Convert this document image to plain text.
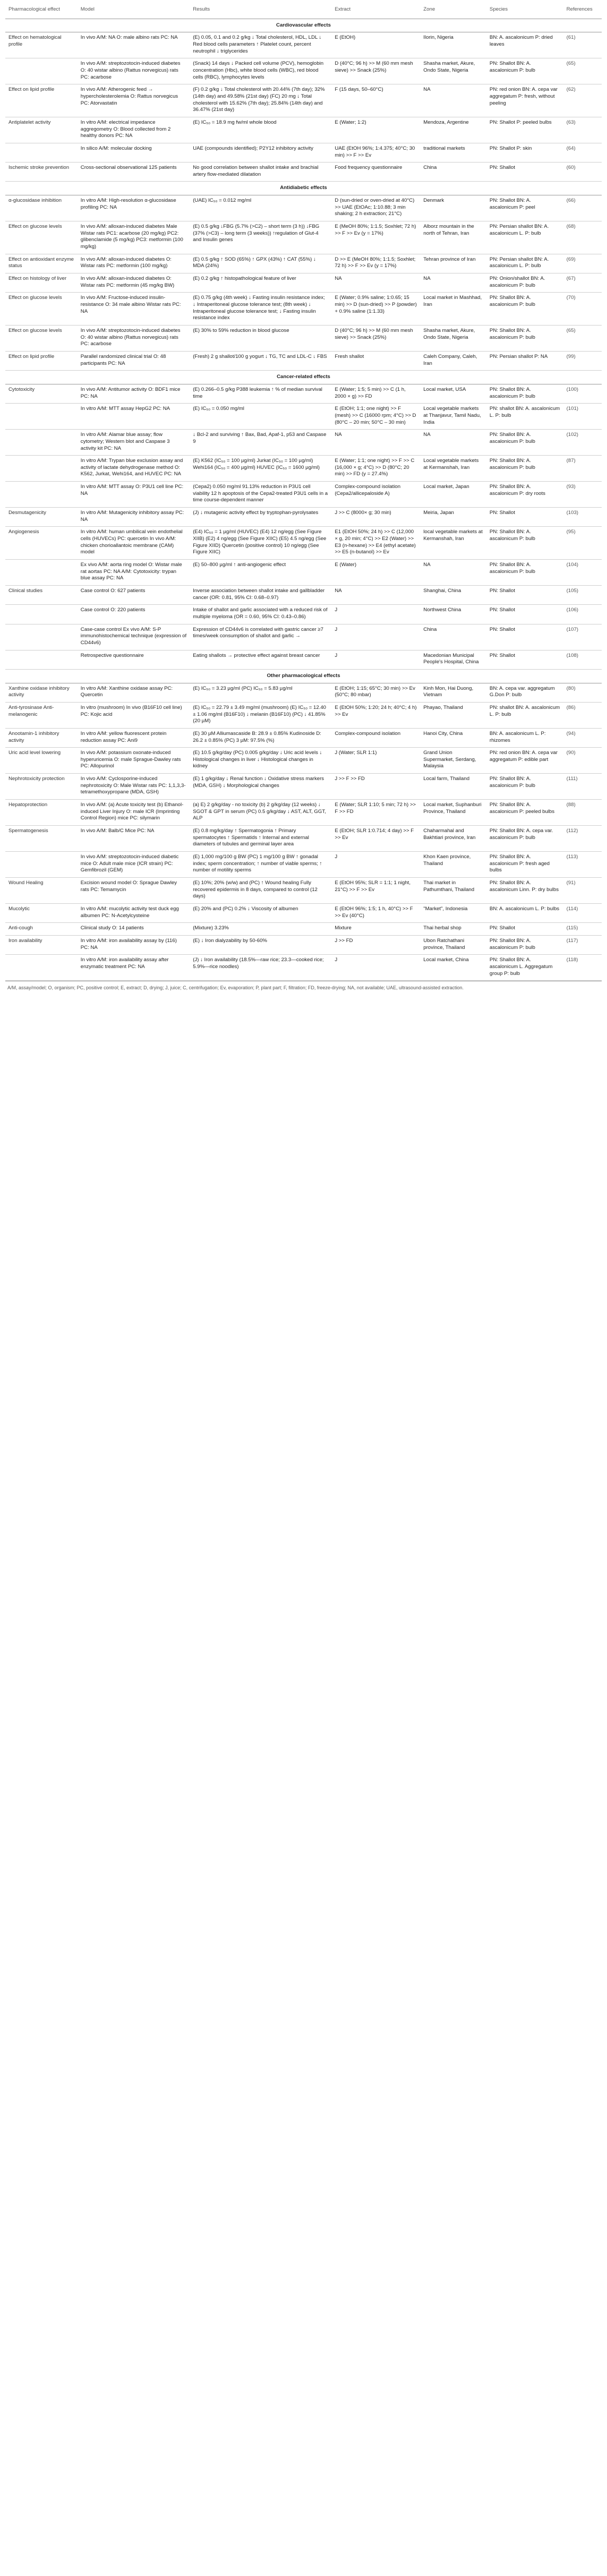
Pharmacological effect	Model	Results	Extract	Zone	Species	References
Cardiovascular effects						
Effect on hematological profile	In vivo A/M: NA O: male albino rats PC: NA	(E) 0.05, 0.1 and 0.2 g/kg ↓ Total cholesterol, HDL, LDL ↓ Red blood cells parameters ↑ Platelet count, percent neutrophil ↓ triglycerides	E (EtOH)	Ilorin, Nigeria	BN: A. ascalonicum P: dried leaves	(61)
	In vivo A/M: streptozotocin-induced diabetes O: 40 wistar albino (Rattus norvegicus) rats PC: acarbose	(Snack) 14 days ↓ Packed cell volume (PCV), hemoglobin concentration (Hbc), white blood cells (WBC), red blood cells (RBC), lymphocytes levels	D (40°C; 96 h) >> M (60 mm mesh sieve) >> Snack (25%)	Shasha market, Akure, Ondo State, Nigeria	PN: Shallot BN: A. ascalonicum P: bulb	(65)
Effect on lipid profile	In vivo A/M: Atherogenic feed → hypercholesterolemia O: Rattus norvegicus PC: Atorvastatin	(F) 0.2 g/kg ↓ Total cholesterol with 20.44% (7th day); 32% (14th day) and 49.58% (21st day) (FC) 20 mg ↓ Total cholesterol with 15.62% (7th day); 25.84% (14th day) and 36.47% (21st day)	F (15 days, 50–60°C)	NA	PN: red onion BN: A. cepa var aggregatum P: fresh, without peeling	(62)
Antiplatelet activity	In vitro A/M: electrical impedance aggregometry O: Blood collected from 2 healthy donors PC: NA	(E) IC₅₀ = 18.9 mg fw/ml whole blood	E (Water; 1:2)	Mendoza, Argentine	PN: Shallot P: peeled bulbs	(63)
	In silico A/M: molecular docking	UAE (compounds identified); P2Y12 inhibitory activity	UAE (EtOH 96%; 1:4.375; 40°C; 30 min) >> F >> Ev	traditional markets	PN: Shallot P: skin	(64)
Ischemic stroke prevention	Cross-sectional observational 125 patients	No good correlation between shallot intake and brachial artery flow-mediated dilatation	Food frequency questionnaire	China	PN: Shallot	(60)
Antidiabetic effects						
α-glucosidase inhibition	In vitro A/M: High-resolution α-glucosidase profiling PC: NA	(UAE) IC₅₀ = 0.012 mg/ml	D (sun-dried or oven-dried at 40°C) >> UAE (EtOAc; 1:10.88; 3 min shaking; 2 h extraction; 21°C)	Denmark	PN: Shallot BN: A. ascalonicum P: peel	(66)
Effect on glucose levels	In vivo A/M: alloxan-induced diabetes Male Wistar rats PC1: acarbose (20 mg/kg) PC2: glibenclamide (5 mg/kg) PC3: metformin (100 mg/kg)	(E) 0.5 g/kg ↓FBG (5.7% (>C2) – short term (3 h)) ↓FBG (37% (>C3) – long term (3 weeks)) ↑regulation of Glut-4 and Insulin genes	E (MeOH 80%; 1:1.5; Soxhlet; 72 h) >> F >> Ev (y = 17%)	Alborz mountain in the north of Tehran, Iran	PN: Persian shallot BN: A. ascalonicum L. P: bulb	(68)
Effect on antioxidant enzyme status	In vivo A/M: alloxan-induced diabetes O: Wistar rats PC: metformin (100 mg/kg)	(E) 0.5 g/kg ↑ SOD (65%) ↑ GPX (43%) ↑ CAT (55%) ↓ MDA (24%)	D >> E (MeOH 80%; 1:1.5; Soxhlet; 72 h) >> F >> Ev (y = 17%)	Tehran province of Iran	PN: Persian shallot BN: A. ascalonicum L. P: bulb	(69)
Effect on histology of liver	In vivo A/M: alloxan-induced diabetes O: Wistar rats PC: metformin (45 mg/kg BW)	(E) 0.2 g/kg ↑ histopathological feature of liver	NA	NA	PN: Onion/shallot BN: A. ascalonicum P: bulb	(67)
Effect on glucose levels	In vivo A/M: Fructose-induced insulin-resistance O: 34 male albino Wistar rats PC: NA	(E) 0.75 g/kg (4th week) ↓ Fasting insulin resistance index; ↓ Intraperitoneal glucose tolerance test; (8th week) ↓ Intraperitoneal glucose tolerance test; ↓ Fasting insulin resistance index	E (Water; 0.9% saline; 1:0.65; 15 min) >> D (sun-dried) >> P (powder) + 0.9% saline (1:1.33)	Local market in Mashhad, Iran	PN: Shallot BN: A. ascalonicum P: bulb	(70)
Effect on glucose levels	In vivo A/M: streptozotocin-induced diabetes O: 40 wistar albino (Rattus norvegicus) rats PC: acarbose	(E) 30% to 59% reduction in blood glucose	D (40°C; 96 h) >> M (60 mm mesh sieve) >> Snack (25%)	Shasha market, Akure, Ondo State, Nigeria	PN: Shallot BN: A. ascalonicum P: bulb	(65)
Effect on lipid profile	Parallel randomized clinical trial O: 48 participants PC: NA	(Fresh) 2 g shallot/100 g yogurt ↓ TG, TC and LDL-C ↓ FBS	Fresh shallot	Caleh Company, Caleh, Iran	PN: Persian shallot P: NA	(99)
Cancer-related effects						
Cytotoxicity	In vivo A/M: Antitumor activity O: BDF1 mice PC: NA	(E) 0.266–0.5 g/kg P388 leukemia ↑ % of median survival time	E (Water; 1:5; 5 min) >> C (1 h, 2000 × g) >> FD	Local market, USA	PN: Shallot BN: A. ascalonicum P: bulb	(100)
	In vitro A/M: MTT assay HepG2 PC: NA	(E) IC₅₀ = 0.050 mg/ml	E (EtOH; 1:1; one night) >> F (mesh) >> C (16000 rpm; 4°C) >> D (80°C – 20 min; 50°C – 30 min)	Local vegetable markets at Thanjavur, Tamil Nadu, India	PN: shallot BN: A. ascalonicum L. P: bulb	(101)
	In vitro A/M: Alamar blue assay; flow cytometry; Western blot and Caspase 3 activity kit PC: NA	↓ Bcl-2 and surviving ↑ Bax, Bad, Apaf-1, p53 and Caspase 9	NA	NA	PN: Shallot BN: A. ascalonicum P: bulb	(102)
	In vitro A/M: Trypan blue exclusion assay and activity of lactate dehydrogenase method O: K562, Jurkat, Wehi164, and HUVEC PC: NA	(E) K562 (IC₅₀ = 100 µg/ml) Jurkat (IC₅₀ = 100 µg/ml) Wehi164 (IC₅₀ = 400 µg/ml) HUVEC (IC₅₀ = 1600 µg/ml)	E (Water; 1:1; one night) >> F >> C (16,000 × g; 4°C) >> D (80°C; 20 min) >> FD (y = 27.4%)	Local vegetable markets at Kermanshah, Iran	PN: Shallot BN: A. ascalonicum P: bulb	(87)
	In vitro A/M: MTT assay O: P3U1 cell line PC: NA	(Cepa2) 0.050 mg/ml 91.13% reduction in P3U1 cell viability 12 h apoptosis of the Cepa2-treated P3U1 cells in a time course-dependent manner	Complex-compound isolation (Cepa2/allicepaloside A)	Local market, Japan	PN: Shallot BN: A. ascalonicum P: dry roots	(93)
Desmutagenicity	In vitro A/M: Mutagenicity inhibitory assay PC: NA	(J) ↓ mutagenic activity effect by tryptophan-pyrolysates	J >> C (8000× g; 30 min)	Meiria, Japan	PN: Shallot	(103)
Angiogenesis	In vitro A/M: human umbilical vein endothelial cells (HUVECs) PC: quercetin In vivo A/M: chicken chorioallantoic membrane (CAM) model	(E4) IC₅₀ = 1 µg/ml (HUVEC) (E4) 12 ng/egg (See Figure XIIB) (E2) 4 ng/egg (See Figure XIIC) (E5) 4.5 ng/egg (See Figure XIID) Quercetin (positive control) 10 ng/egg (See Figure XIIC)	E1 (EtOH 50%; 24 h) >> C (12,000 × g, 20 min; 4°C) >> E2 (Water) >> E3 (n-hexane) >> E4 (ethyl acetate) >> E5 (n-butanol) >> Ev	local vegetable markets at Kermanshah, Iran	PN: Shallot BN: A. ascalonicum P: bulb	(95)
	Ex vivo A/M: aorta ring model O: Wistar male rat aortas PC: NA A/M: Cytotoxicity: trypan blue assay PC: NA	(E) 50–800 µg/ml ↑ anti-angiogenic effect	E (Water)	NA	PN: Shallot BN: A. ascalonicum P: bulb	(104)
Clinical studies	Case control O: 627 patients	Inverse association between shallot intake and gallbladder cancer (OR: 0.81, 95% CI: 0.68–0.97)	NA	Shanghai, China	PN: Shallot	(105)
	Case control O: 220 patients	Intake of shallot and garlic associated with a reduced risk of multiple myeloma (OR = 0.60, 95% CI: 0.43–0.86)	J	Northwest China	PN: Shallot	(106)
	Case-case control Ex vivo A/M: S-P immunohistochemical technique (expression of CD44v6)	Expression of CD44v6 is correlated with gastric cancer ≥7 times/week consumption of shallot and garlic →	J	China	PN: Shallot	(107)
	Retrospective questionnaire	Eating shallots → protective effect against breast cancer	J	Macedonian Municipal People's Hospital, China	PN: Shallot	(108)
Other pharmacological effects						
Xanthine oxidase inhibitory activity	In vitro A/M: Xanthine oxidase assay PC: Quercetin	(E) IC₅₀ = 3.23 µg/ml (PC) IC₅₀ = 5.83 µg/ml	E (EtOH; 1:15; 65°C; 30 min) >> Ev (50°C; 80 mbar)	Kinh Mon, Hai Duong, Vietnam	BN: A. cepa var. aggregatum G.Don P: bulb	(80)
Anti-tyrosinase Anti-melanogenic	In vitro (mushroom) In vivo (B16F10 cell line) PC: Kojic acid	(E) IC₅₀ = 22.79 ± 3.49 mg/ml (mushroom) (E) IC₅₀ = 12.40 ± 1.06 mg/ml (B16F10) ↓ melanin (B16F10) (PC) ↓ 41.85% (20 µM)	E (EtOH 50%; 1:20; 24 h; 40°C; 4 h) >> Ev	Phayao, Thailand	PN: shallot BN: A. ascalonicum L. P: bulb	(86)
Anootamin-1 inhibitory activity	In vitro A/M: yellow fluorescent protein reduction assay PC: Ani9	(E) 30 µM Alliumascaside B: 28.9 ± 0.85% Kudinoside D: 26.2 ± 0.85% (PC) 3 µM: 97.5% (%)	Complex-compound isolation	Hanoi City, China	BN: A. ascalonicum L. P: rhizomes	(94)
Uric acid level lowering	In vivo A/M: potassium oxonate-induced hyperuricemia O: male Sprague-Dawley rats PC: Allopurinol	(E) 10.5 g/kg/day (PC) 0.005 g/kg/day ↓ Uric acid levels ↓ Histological changes in liver ↓ Histological changes in kidney	J (Water; SLR 1:1)	Grand Union Supermarket, Serdang, Malaysia	PN: red onion BN: A. cepa var aggregatum P: edible part	(90)
Nephrotoxicity protection	In vivo A/M: Cyclosporine-induced nephrotoxicity O: Male Wistar rats PC: 1,1,3,3-tetramethoxypropane (MDA, GSH)	(E) 1 g/kg/day ↓ Renal function ↓ Oxidative stress markers (MDA, GSH) ↓ Morphological changes	J >> F >> FD	Local farm, Thailand	PN: Shallot BN: A. ascalonicum P: bulb	(111)
Hepatoprotection	In vivo A/M: (a) Acute toxicity test (b) Ethanol-induced Liver Injury O: male ICR (Imprinting Control Region) mice PC: silymarin	(a) E) 2 g/kg/day - no toxicity (b) 2 g/kg/day (12 weeks) ↓ SGOT & GPT in serum (PC) 0.5 g/kg/day ↓ AST, ALT, GGT, ALP	E (Water; SLR 1:10; 5 min; 72 h) >> F >> FD	Local market, Suphanburi Province, Thailand	PN: Shallot BN: A. ascalonicum P: peeled bulbs	(88)
Spermatogenesis	In vivo A/M: Balb/C Mice PC: NA	(E) 0.8 mg/kg/day ↑ Spermatogonia ↑ Primary spermatocytes ↑ Spermatids ↑ Internal and external diameters of tubules and germinal layer area	E (EtOH; SLR 1:0.714; 4 day) >> F >> Ev	Chaharmahal and Bakhtiari province, Iran	PN: Shallot BN: A. cepa var. ascalonicum P: bulb	(112)
	In vivo A/M: streptozotocin-induced diabetic mice O: Adult male mice (ICR strain) PC: Gemfibrozil (GEM)	(E) 1,000 mg/100 g BW (PC) 1 mg/100 g BW ↑ gonadal index; sperm concentration; ↑ number of viable sperms; ↑ number of motility sperms	J	Khon Kaen province, Thailand	PN: Shallot BN: A. ascalonicum P: fresh aged bulbs	(113)
Wound Healing	Excision wound model O: Sprague Dawley rats PC: Temamycin	(E) 10%; 20% (w/w) and (PC) ↑ Wound healing Fully recovered epidermis in 8 days, compared to control (12 days)	E (EtOH 95%; SLR = 1:1; 1 night, 21°C) >> F >> Ev	Thai market in Pathumthani, Thailand	PN: Shallot BN: A. ascalonicum Linn. P: dry bulbs	(91)
Mucolytic	In vitro A/M: mucolytic activity test duck egg albumen PC: N-Acetylcysteine	(E) 20% and (PC) 0.2% ↓ Viscosity of albumen	E (EtOH 96%; 1:5; 1 h, 40°C) >> F >> Ev (40°C)	"Market", Indonesia	BN: A. ascalonicum L. P: bulbs	(114)
Anti-cough	Clinical study O: 14 patients	(Mixture) 3.23%	Mixture	Thai herbal shop	PN: Shallot	(115)
Iron availability	In vitro A/M: iron availability assay by (116) PC: NA	(E) ↓ Iron dialyzability by 50-60%	J >> FD	Ubon Ratchathani province, Thailand	PN: Shallot BN: A. ascalonicum P: bulb	(117)
	In vitro A/M: iron availability assay after enzymatic treatment PC: NA	(J) ↓ Iron availability (18.5%—raw rice; 23.3—cooked rice; 5.9%—rice noodles)	J	Local market, China	PN: Shallot BN: A. ascalonicum L. Aggregatum group P: bulb	(118)
A/M, assay/model; O, organism; PC, positive control; E, extract; D, drying; J, juice; C, centrifugation; Ev, evaporation; P, plant part; F, filtration; FD, freeze-drying; NA, not available; UAE, ultrasound-assisted extraction.
